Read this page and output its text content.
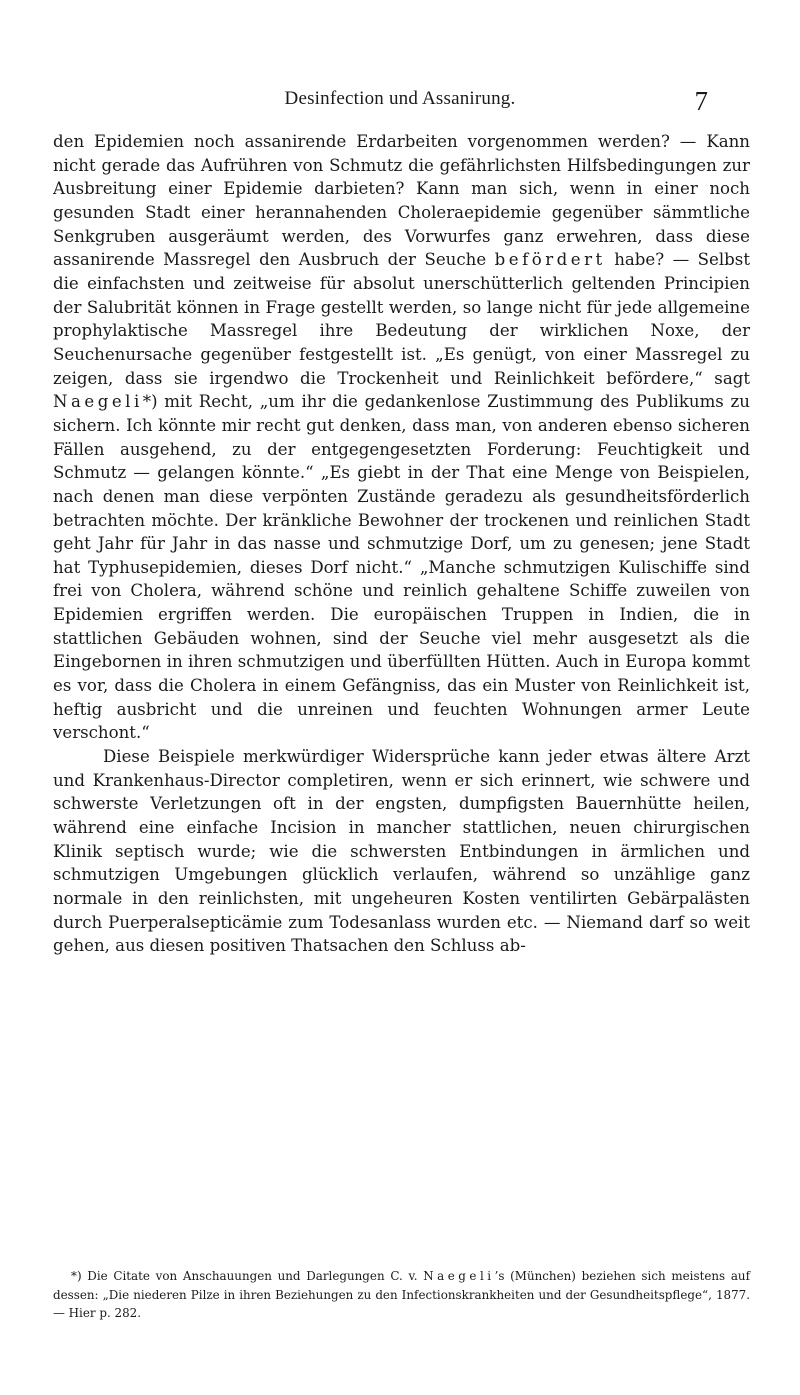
Desinfection und Assanirung.	7

den Epidemien noch assanirende Erdarbeiten vorgenommen werden? — Kann nicht gerade das Aufrühren von Schmutz die gefährlichsten Hilfsbedingungen zur Ausbreitung einer Epidemie darbieten? Kann man sich, wenn in einer noch gesunden Stadt einer herannahenden Choleraepidemie gegenüber sämmtliche Senkgruben ausgeräumt werden, des Vorwurfes ganz erwehren, dass diese assanirende Massregel den Ausbruch der Seuche befördert habe? — Selbst die einfachsten und zeitweise für absolut unerschütterlich geltenden Principien der Salubrität können in Frage gestellt werden, so lange nicht für jede allgemeine prophylaktische Massregel ihre Bedeutung der wirklichen Noxe, der Seuchenursache gegenüber festgestellt ist. „Es genügt, von einer Massregel zu zeigen, dass sie irgendwo die Trockenheit und Reinlichkeit befördere,“ sagt Naegeli*) mit Recht, „um ihr die gedankenlose Zustimmung des Publikums zu sichern. Ich könnte mir recht gut denken, dass man, von anderen ebenso sicheren Fällen ausgehend, zu der entgegengesetzten Forderung: Feuchtigkeit und Schmutz — gelangen könnte.“ „Es giebt in der That eine Menge von Beispielen, nach denen man diese verpönten Zustände geradezu als gesundheitsförderlich betrachten möchte. Der kränkliche Bewohner der trockenen und reinlichen Stadt geht Jahr für Jahr in das nasse und schmutzige Dorf, um zu genesen; jene Stadt hat Typhusepidemien, dieses Dorf nicht.“ „Manche schmutzigen Kulischiffe sind frei von Cholera, während schöne und reinlich gehaltene Schiffe zuweilen von Epidemien ergriffen werden. Die europäischen Truppen in Indien, die in stattlichen Gebäuden wohnen, sind der Seuche viel mehr ausgesetzt als die Eingebornen in ihren schmutzigen und überfüllten Hütten. Auch in Europa kommt es vor, dass die Cholera in einem Gefängniss, das ein Muster von Reinlichkeit ist, heftig ausbricht und die unreinen und feuchten Wohnungen armer Leute verschont.“

Diese Beispiele merkwürdiger Widersprüche kann jeder etwas ältere Arzt und Krankenhaus-Director completiren, wenn er sich erinnert, wie schwere und schwerste Verletzungen oft in der engsten, dumpfigsten Bauernhütte heilen, während eine einfache Incision in mancher stattlichen, neuen chirurgischen Klinik septisch wurde; wie die schwersten Entbindungen in ärmlichen und schmutzigen Umgebungen glücklich verlaufen, während so unzählige ganz normale in den reinlichsten, mit ungeheuren Kosten ventilirten Gebärpalästen durch Puerperalsepticämie zum Todesanlass wurden etc. — Niemand darf so weit gehen, aus diesen positiven Thatsachen den Schluss ab-

*) Die Citate von Anschauungen und Darlegungen C. v. Naegeli’s (München) beziehen sich meistens auf dessen: „Die niederen Pilze in ihren Beziehungen zu den Infectionskrankheiten und der Gesundheitspflege“, 1877. — Hier p. 282.
